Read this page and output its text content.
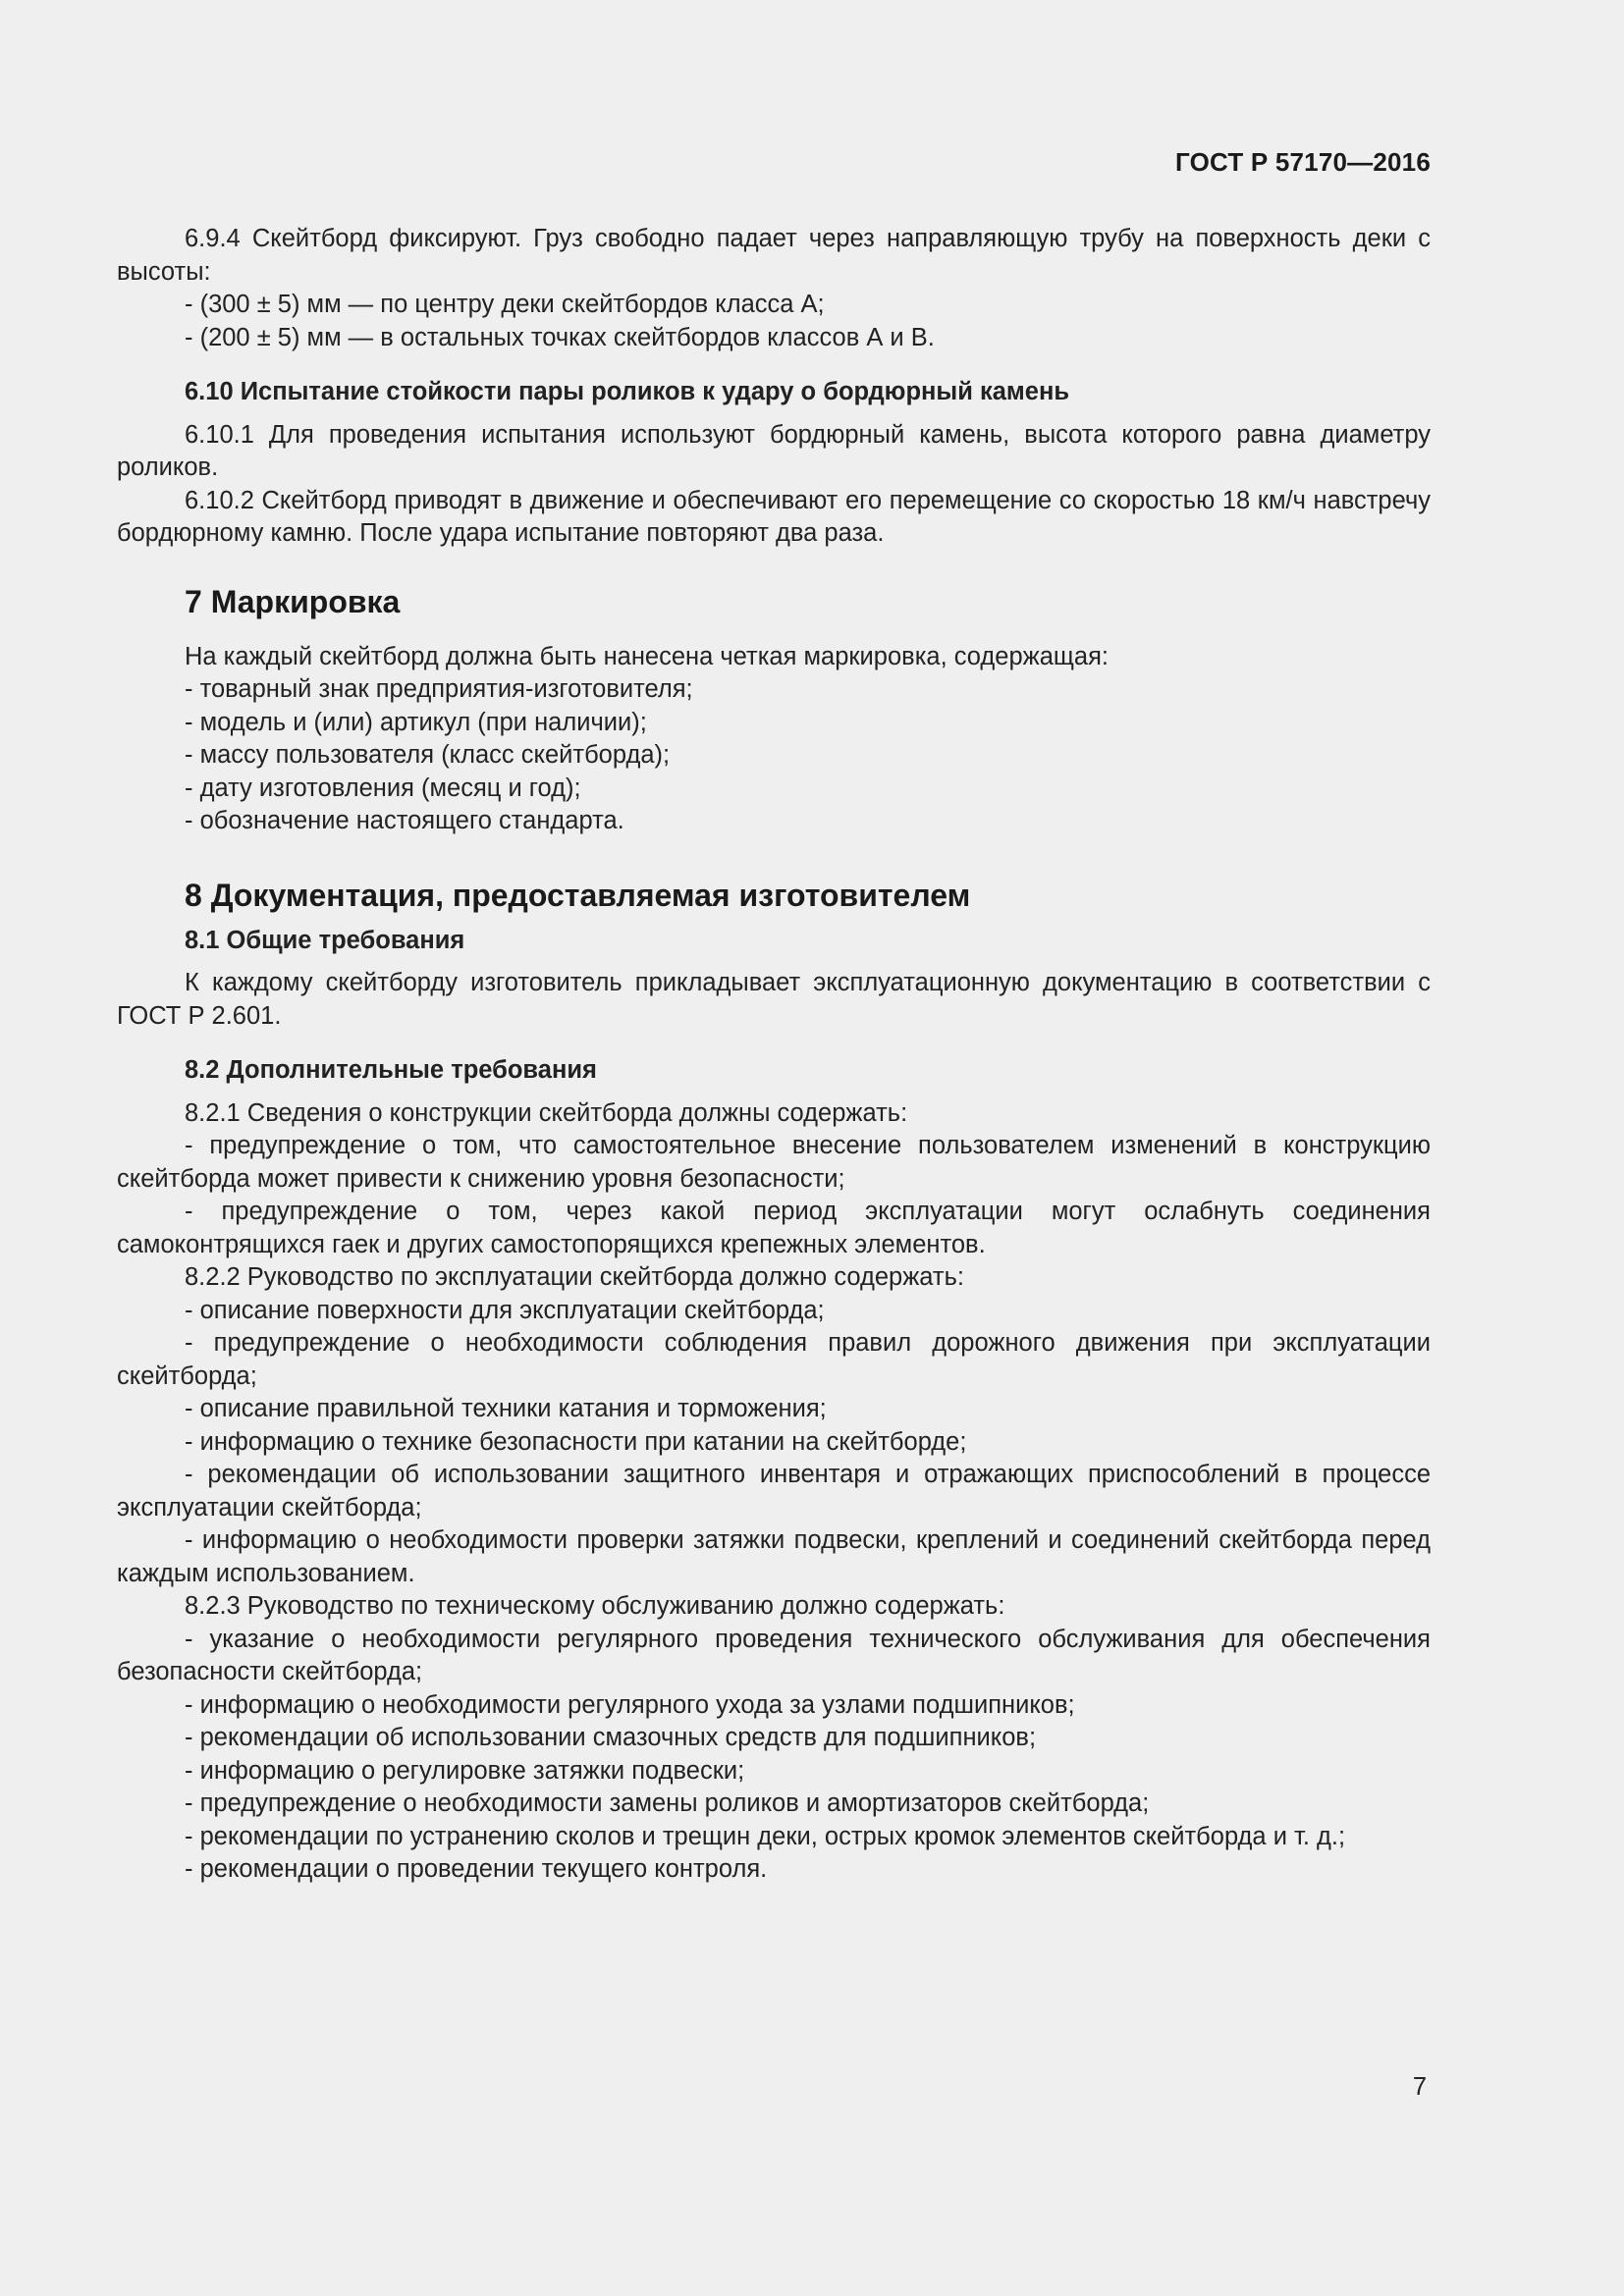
ГОСТ Р 57170—2016

6.9.4 Скейтборд фиксируют. Груз свободно падает через направляющую трубу на поверхность деки с высоты:

- (300 ± 5) мм — по центру деки скейтбордов класса А;

- (200 ± 5) мм — в остальных точках скейтбордов классов А и В.

6.10 Испытание стойкости пары роликов к удару о бордюрный камень

6.10.1 Для проведения испытания используют бордюрный камень, высота которого равна диаметру роликов.

6.10.2 Скейтборд приводят в движение и обеспечивают его перемещение со скоростью 18 км/ч навстречу бордюрному камню. После удара испытание повторяют два раза.

7 Маркировка

На каждый скейтборд должна быть нанесена четкая маркировка, содержащая:

- товарный знак предприятия-изготовителя;

- модель и (или) артикул (при наличии);

- массу пользователя (класс скейтборда);

- дату изготовления (месяц и год);

- обозначение настоящего стандарта.

8 Документация, предоставляемая изготовителем

8.1 Общие требования

К каждому скейтборду изготовитель прикладывает эксплуатационную документацию в соответствии с ГОСТ Р 2.601.

8.2 Дополнительные требования

8.2.1 Сведения о конструкции скейтборда должны содержать:

- предупреждение о том, что самостоятельное внесение пользователем изменений в конструкцию скейтборда может привести к снижению уровня безопасности;

- предупреждение о том, через какой период эксплуатации могут ослабнуть соединения самоконтрящихся гаек и других самостопорящихся крепежных элементов.

8.2.2 Руководство по эксплуатации скейтборда должно содержать:

- описание поверхности для эксплуатации скейтборда;

- предупреждение о необходимости соблюдения правил дорожного движения при эксплуатации скейтборда;

- описание правильной техники катания и торможения;

- информацию о технике безопасности при катании на скейтборде;

- рекомендации об использовании защитного инвентаря и отражающих приспособлений в процессе эксплуатации скейтборда;

- информацию о необходимости проверки затяжки подвески, креплений и соединений скейтборда перед каждым использованием.

8.2.3 Руководство по техническому обслуживанию должно содержать:

- указание о необходимости регулярного проведения технического обслуживания для обеспечения безопасности скейтборда;

- информацию о необходимости регулярного ухода за узлами подшипников;

- рекомендации об использовании смазочных средств для подшипников;

- информацию о регулировке затяжки подвески;

- предупреждение о необходимости замены роликов и амортизаторов скейтборда;

- рекомендации по устранению сколов и трещин деки, острых кромок элементов скейтборда и т. д.;

- рекомендации о проведении текущего контроля.

7
